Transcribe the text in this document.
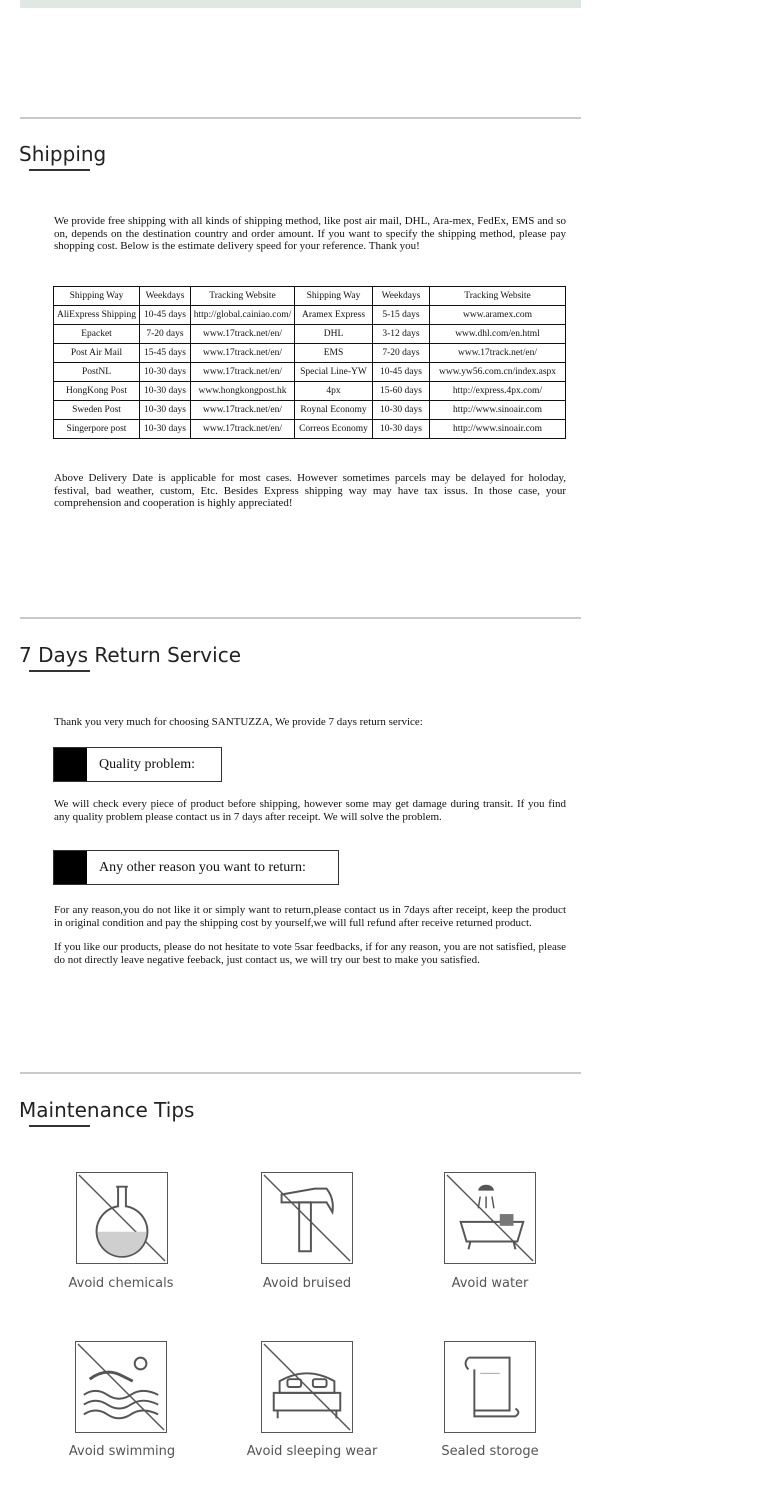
Shipping

We provide free shipping with all kinds of shipping method, like post air mail, DHL, Ara-mex, FedEx, EMS and so on, depends on the destination country and order amount. If you want to specify the shipping method, please pay shopping cost. Below is the estimate delivery speed for your reference. Thank you!

Shipping Way	Weekdays	Tracking Website	Shipping Way	Weekdays	Tracking Website
AliExpress Shipping	10-45 days	http://global.cainiao.com/	Aramex Express	5-15 days	www.aramex.com
Epacket	7-20 days	www.17track.net/en/	DHL	3-12 days	www.dhl.com/en.html
Post Air Mail	15-45 days	www.17track.net/en/	EMS	7-20 days	www.17track.net/en/
PostNL	10-30 days	www.17track.net/en/	Special Line-YW	10-45 days	www.yw56.com.cn/index.aspx
HongKong Post	10-30 days	www.hongkongpost.hk	4px	15-60 days	http://express.4px.com/
Sweden Post	10-30 days	www.17track.net/en/	Roynal Economy	10-30 days	http://www.sinoair.com
Singerpore post	10-30 days	www.17track.net/en/	Correos Economy	10-30 days	http://www.sinoair.com

Above Delivery Date is applicable for most cases. However sometimes parcels may be delayed for holoday, festival, bad weather, custom, Etc. Besides Express shipping way may have tax issus. In those case, your comprehension and cooperation is highly appreciated!

7 Days Return Service

Thank you very much for choosing SANTUZZA, We provide 7 days return service:

Quality problem:

We will check every piece of product before shipping, however some may get damage during transit. If you find any quality problem please contact us in 7 days after receipt. We will solve the problem.

Any other reason you want to return:

For any reason,you do not like it or simply want to return,please contact us in 7days after receipt, keep the product in original condition and pay the shipping cost by yourself,we will full refund after receive returned product.

If you like our products, please do not hesitate to vote 5sar feedbacks, if for any reason, you are not satisfied, please do not directly leave negative feeback, just contact us, we will try our best to make you satisfied.

Maintenance Tips

Avoid chemicals	Avoid bruised	Avoid water

Avoid swimming	Avoid sleeping wear	Sealed storoge
